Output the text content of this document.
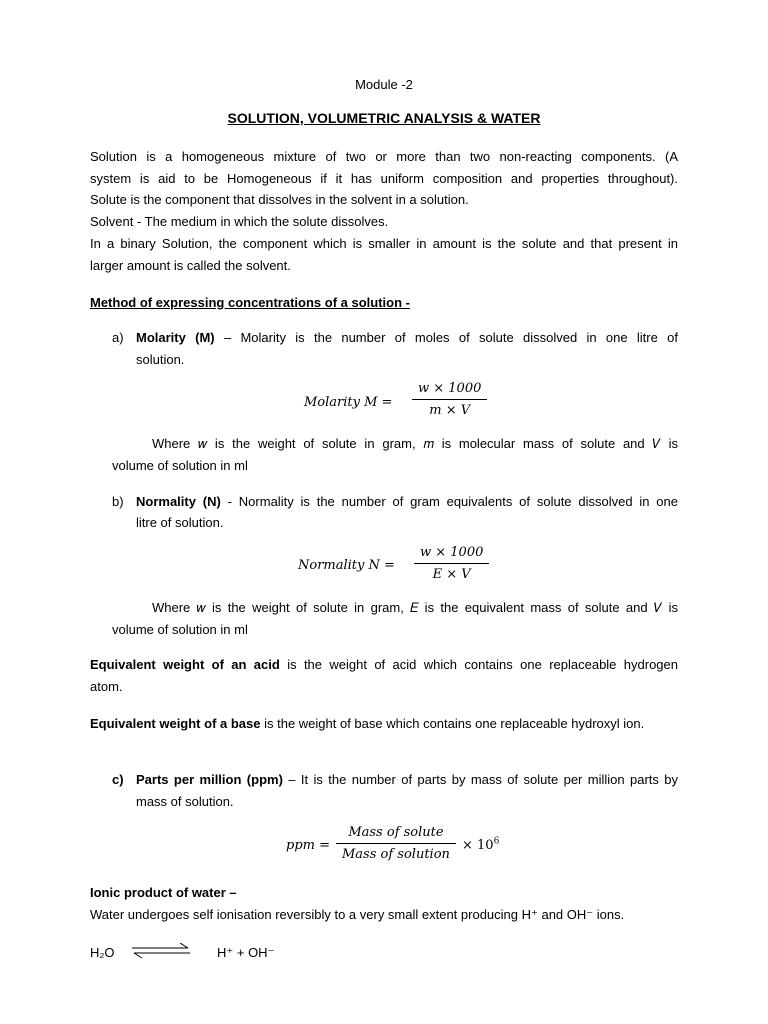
Module -2
SOLUTION, VOLUMETRIC ANALYSIS & WATER
Solution is a homogeneous mixture of two or more than two non-reacting components. (A
system is aid to be Homogeneous if it has uniform composition and properties throughout).
Solute is the component that dissolves in the solvent in a solution.
Solvent - The medium in which the solute dissolves.
In a binary Solution, the component which is smaller in amount is the solute and that present in
larger amount is called the solvent.
Method of expressing concentrations of a solution -
a) Molarity (M) – Molarity is the number of moles of solute dissolved in one litre of
solution.
Molarity M =
w × 1000
m × V
Where 𝑤 is the weight of solute in gram, 𝑚 is molecular mass of solute and 𝑉 is
volume of solution in ml
b) Normality (N) - Normality is the number of gram equivalents of solute dissolved in one
litre of solution.
Normality N =
w × 1000
E × V
Where 𝑤 is the weight of solute in gram, 𝐸 is the equivalent mass of solute and 𝑉 is
volume of solution in ml
Equivalent weight of an acid is the weight of acid which contains one replaceable hydrogen
atom.
Equivalent weight of a base is the weight of base which contains one replaceable hydroxyl ion.
c) Parts per million (ppm) – It is the number of parts by mass of solute per million parts by
mass of solution.
ppm =
Mass of solute
Mass of solution
× $10^6$
Ionic product of water –
Water undergoes self ionisation reversibly to a very small extent producing H⁺ and OH⁻ ions.
H₂O	H⁺ + OH⁻
